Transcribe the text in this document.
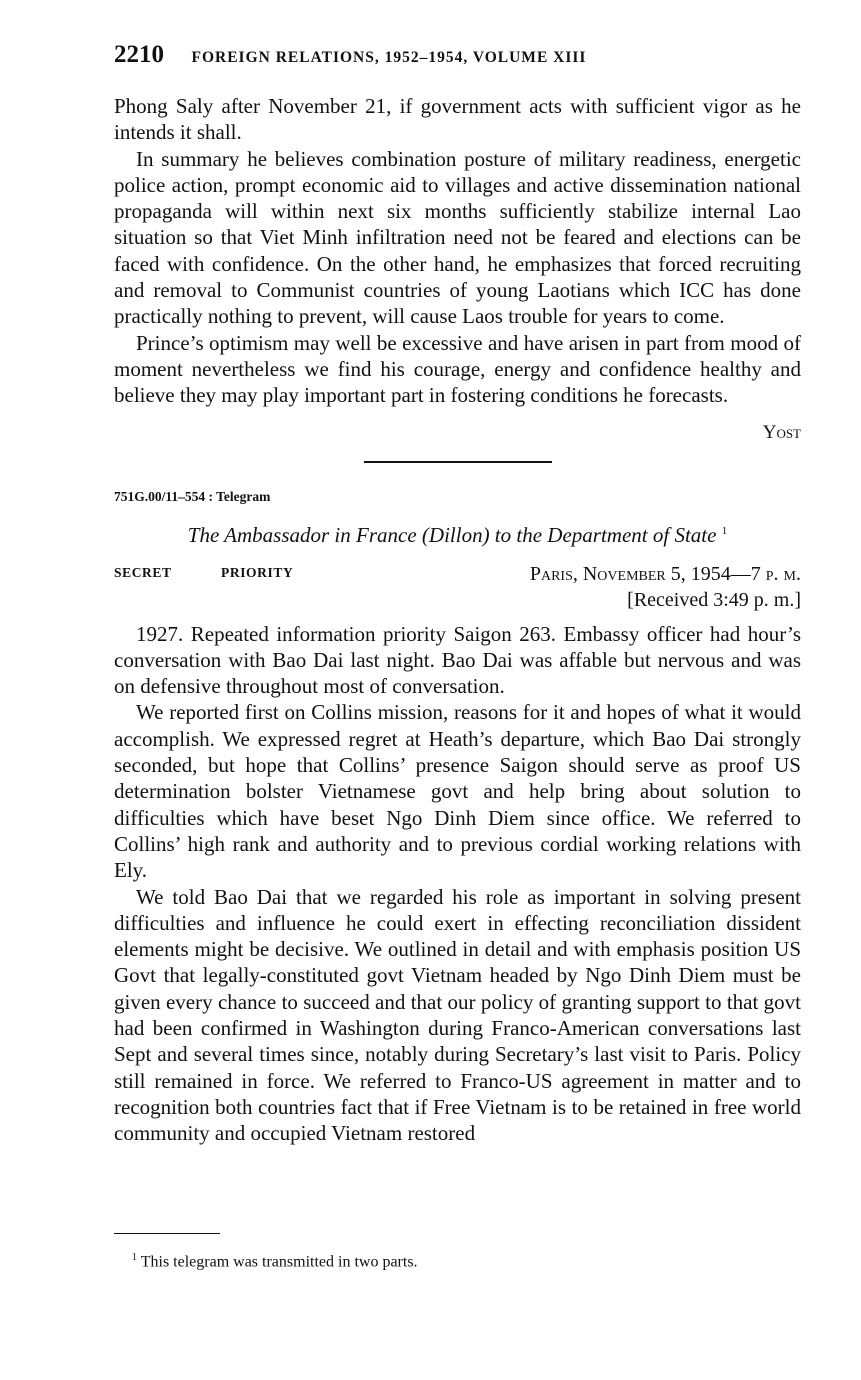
2210 FOREIGN RELATIONS, 1952–1954, VOLUME XIII

Phong Saly after November 21, if government acts with sufficient vigor as he intends it shall.

In summary he believes combination posture of military readiness, energetic police action, prompt economic aid to villages and active dissemination national propaganda will within next six months sufficiently stabilize internal Lao situation so that Viet Minh infiltration need not be feared and elections can be faced with confidence. On the other hand, he emphasizes that forced recruiting and removal to Communist countries of young Laotians which ICC has done practically nothing to prevent, will cause Laos trouble for years to come.

Prince’s optimism may well be excessive and have arisen in part from mood of moment nevertheless we find his courage, energy and confidence healthy and believe they may play important part in fostering conditions he forecasts.

Yost
751G.00/11–554 : Telegram
The Ambassador in France (Dillon) to the Department of State $^1$
SECRET	PRIORITY	Paris, November 5, 1954—7 p. m.
[Received 3:49 p. m.]

1927. Repeated information priority Saigon 263. Embassy officer had hour’s conversation with Bao Dai last night. Bao Dai was affable but nervous and was on defensive throughout most of conversation.

We reported first on Collins mission, reasons for it and hopes of what it would accomplish. We expressed regret at Heath’s departure, which Bao Dai strongly seconded, but hope that Collins’ presence Saigon should serve as proof US determination bolster Vietnamese govt and help bring about solution to difficulties which have beset Ngo Dinh Diem since office. We referred to Collins’ high rank and authority and to previous cordial working relations with Ely.

We told Bao Dai that we regarded his role as important in solving present difficulties and influence he could exert in effecting reconciliation dissident elements might be decisive. We outlined in detail and with emphasis position US Govt that legally-constituted govt Vietnam headed by Ngo Dinh Diem must be given every chance to succeed and that our policy of granting support to that govt had been confirmed in Washington during Franco-American conversations last Sept and several times since, notably during Secretary’s last visit to Paris. Policy still remained in force. We referred to Franco-US agreement in matter and to recognition both countries fact that if Free Vietnam is to be retained in free world community and occupied Vietnam restored

$^1$ This telegram was transmitted in two parts.
